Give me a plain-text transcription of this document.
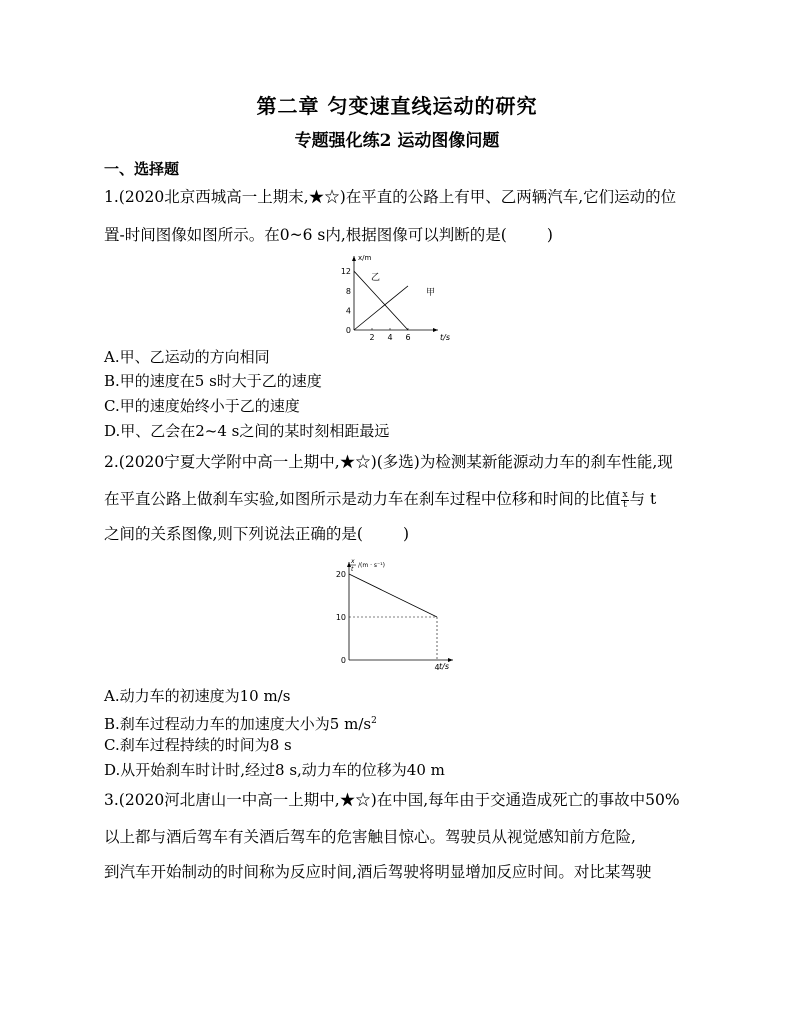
第二章 匀变速直线运动的研究
专题强化练2 运动图像问题
一、选择题
1.(2020北京西城高一上期末,★☆)在平直的公路上有甲、乙两辆汽车,它们运动的位
置-时间图像如图所示。在0~6 s内,根据图像可以判断的是(	)
0
4
8
12
2 4 6
x/m
t/s
乙
甲
A.甲、乙运动的方向相同
B.甲的速度在5 s时大于乙的速度
C.甲的速度始终小于乙的速度
D.甲、乙会在2~4 s之间的某时刻相距最远
2.(2020宁夏大学附中高一上期中,★☆)(多选)为检测某新能源动力车的刹车性能,现
在平直公路上做刹车实验,如图所示是动力车在刹车过程中位移和时间的比值 $\frac{x}{t}$ 与 t
之间的关系图像,则下列说法正确的是(	)
0
10
20
4
x
t
/(m · s⁻¹)
t/s
A.动力车的初速度为10 m/s
B.刹车过程动力车的加速度大小为5 $m/s^2$
C.刹车过程持续的时间为8 s
D.从开始刹车时计时,经过8 s,动力车的位移为40 m
3.(2020河北唐山一中高一上期中,★☆)在中国,每年由于交通造成死亡的事故中50%
以上都与酒后驾车有关酒后驾车的危害触目惊心。驾驶员从视觉感知前方危险,
到汽车开始制动的时间称为反应时间,酒后驾驶将明显增加反应时间。对比某驾驶
